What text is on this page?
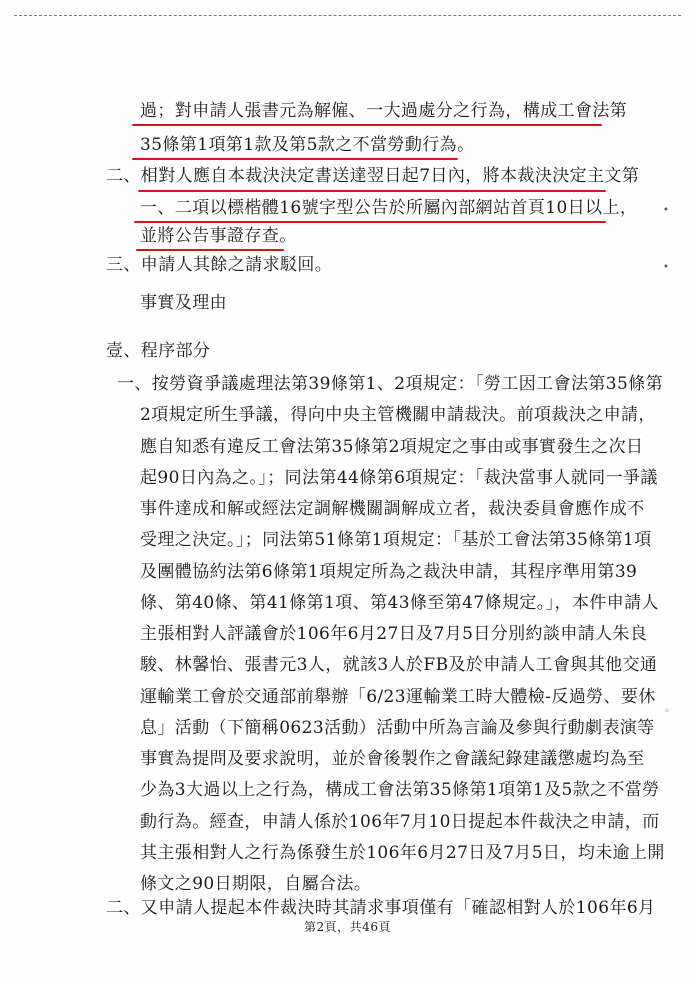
過；對申請人張書元為解僱、一大過處分之行為，構成工會法第
35條第1項第1款及第5款之不當勞動行為。
二、相對人應自本裁決決定書送達翌日起7日內，將本裁決決定主文第
一、二項以標楷體16號字型公告於所屬內部網站首頁10日以上，
並將公告事證存查。
三、申請人其餘之請求駁回。
事實及理由
壹、程序部分
一、按勞資爭議處理法第39條第1、2項規定：「勞工因工會法第35條第
2項規定所生爭議，得向中央主管機關申請裁決。前項裁決之申請，
應自知悉有違反工會法第35條第2項規定之事由或事實發生之次日
起90日內為之。」；同法第44條第6項規定：「裁決當事人就同一爭議
事件達成和解或經法定調解機關調解成立者，裁決委員會應作成不
受理之決定。」；同法第51條第1項規定：「基於工會法第35條第1項
及團體協約法第6條第1項規定所為之裁決申請，其程序準用第39
條、第40條、第41條第1項、第43條至第47條規定。」，本件申請人
主張相對人評議會於106年6月27日及7月5日分別約談申請人朱良
駿、林馨怡、張書元3人，就該3人於FB及於申請人工會與其他交通
運輸業工會於交通部前舉辦「6/23運輸業工時大體檢-反過勞、要休
息」活動（下簡稱0623活動）活動中所為言論及參與行動劇表演等
事實為提問及要求說明，並於會後製作之會議紀錄建議懲處均為至
少為3大過以上之行為，構成工會法第35條第1項第1及5款之不當勞
動行為。經查，申請人係於106年7月10日提起本件裁決之申請，而
其主張相對人之行為係發生於106年6月27日及7月5日，均未逾上開
條文之90日期限，自屬合法。
二、又申請人提起本件裁決時其請求事項僅有「確認相對人於106年6月
第2頁，共46頁
•
•
◦
